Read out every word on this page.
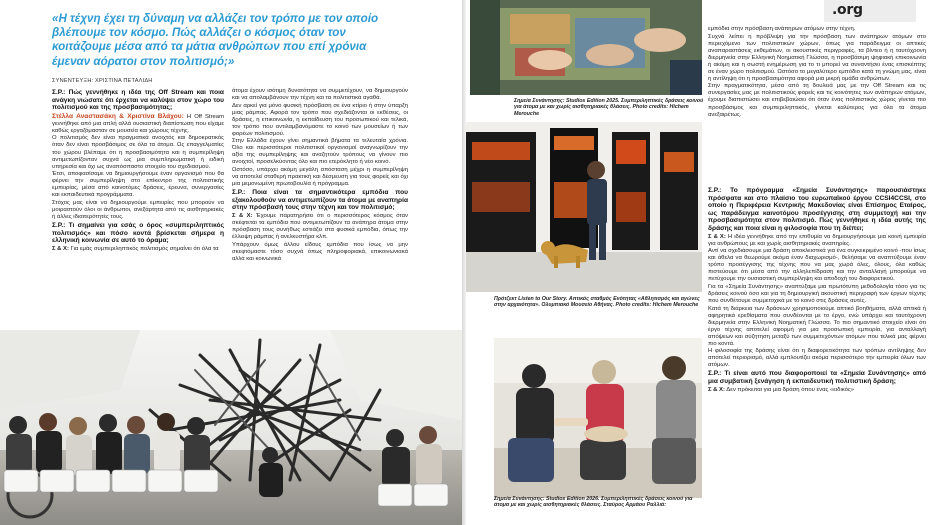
«Η τέχνη έχει τη δύναμη να αλλάζει τον τρόπο με τον οποίο βλέπουμε τον κόσμο. Πώς αλλάζει ο κόσμος όταν τον κοιτάζουμε μέσα από τα μάτια ανθρώπων που επί χρόνια έμεναν αόρατοι στον πολιτισμό;»
ΣΥΝΕΝΤΕΥΞΗ: ΧΡΙΣΤΙΝΑ ΠΕΤΑΛΙΔΗ

Σ.Ρ.: Πώς γεννήθηκε η ιδέα της Off Stream και ποια ανάγκη νιώσατε ότι έρχεται να καλύψει στον χώρο του πολιτισμού και της προσβασιμότητας;

Στέλλα Αναστασάκη & Χριστίνα Βλάχου: Η Off Stream γεννήθηκε από μια απλή αλλά ουσιαστική διαπίστωση που είχαμε καθώς εργαζόμασταν σε μουσεία και χώρους τέχνης.

Ο πολιτισμός δεν είναι πραγματικά ανοιχτός και δημοκρατικός όταν δεν είναι προσβάσιμος σε όλα τα άτομα. Ως επαγγελματίες του χώρου βλέπαμε ότι η προσβασιμότητα και η συμπερίληψη αντιμετωπίζονταν συχνά ως μια συμπληρωματική ή ειδική υπηρεσία και όχι ως αναπόσπαστο στοιχείο του σχεδιασμού.

Έτσι, αποφασίσαμε να δημιουργήσουμε έναν οργανισμό που θα φέρνει την συμπερίληψη στο επίκεντρο της πολιτιστικής εμπειρίας, μέσα από καινοτόμες δράσεις, έρευνα, συνεργασίες και εκπαιδευτικά προγράμματα.

Στόχος μας είναι να δημιουργούμε εμπειρίες που μπορούν να μοιραστούν όλοι οι άνθρωποι, ανεξάρτητα από τις αισθητηριακές ή άλλες ιδιαιτερότητές τους.

Σ.Ρ.: Τι σημαίνει για εσάς ο όρος «συμπεριληπτικός πολιτισμός» και πόσο κοντά βρίσκεται σήμερα η ελληνική κοινωνία σε αυτό το όραμα;

Σ & Χ: Για εμάς συμπεριληπτικός πολιτισμός σημαίνει ότι όλα τα

άτομα έχουν ισότιμη δυνατότητα να συμμετέχουν, να δημιουργούν και να απολαμβάνουν την τέχνη και τα πολιτιστικά αγαθά.

Δεν αρκεί για μόνο φυσική πρόσβαση σε ένα κτίριο ή στην ύπαρξη μιας ράμπας. Αφορά τον τρόπο που σχεδιάζονται οι εκθέσεις, οι δράσεις, η επικοινωνία, η εκπαίδευση του προσωπικού και τελικά, τον τρόπο που αντιλαμβανόμαστε το κοινό των μουσείων ή των φορέων πολιτισμού.

Στην Ελλάδα έχουν γίνει σημαντικά βήματα τα τελευταία χρόνια. Όλο και περισσότεροι πολιτιστικοί οργανισμοί αναγνωρίζουν την αξία της συμπερίληψης και αναζητούν τρόπους να γίνουν πιο ανοιχτοί, προσελκύοντας όλο και πιο ετερόκλητο ή νέο κοινό.

Ωστόσο, υπάρχει ακόμη μεγάλη απόσταση μέχρι η συμπερίληψη να αποτελεί σταθερή πρακτική και δέσμευση για τους φορείς και όχι μια μεμονωμένη πρωτοβουλία ή πρόγραμμα.

Σ.Ρ.: Ποια είναι τα σημαντικότερα εμπόδια που εξακολουθούν να αντιμετωπίζουν τα άτομα με αναπηρία στην πρόσβασή τους στην τέχνη και τον πολιτισμό;

Σ & Χ: Έχουμε παρατηρήσει ότι ο περισσότερος κόσμος όταν σκέφτεται τα εμπόδια που αντιμετωπίζουν τα ανάπηρα άτομα στην πρόσβαση τους συνήθως εστιάζει στα φυσικά εμπόδια, όπως την έλλειψη ράμπας ή ανελκυστήρα κλπ.

Υπάρχουν όμως άλλου είδους εμπόδια που ίσως να μην σκεφτόμαστε τόσο συχνά όπως πληροφοριακά, επικοινωνιακά αλλά και κοινωνικά

Σημεία Συνάντησης: Studios Edition 2025. Συμπεριληπτικές δράσεις κοινού για άτομα με και χωρίς αισθητηριακές θλάσεις. Photo credits: Hichem Merouche
Πρότζεκτ Listen to Our Story. Απτικός σταθμός Ενότητας «Αθλητισμός και αγώνες στην αρχαιότητα». Ολυμπιακό Μουσείο Αθήνας. Photo credits: Hichem Merouche
Σημεία Συνάντησης: Studios Edition 2026. Συμπεριληπτικές δράσεις κοινού για άτομα με και χωρίς αισθητηριακές θλάσεις. Σταύρος Αρμάου Ραλλιά:
.org

εμπόδια στην πρόσβαση ανάπηρων ατόμων στην τέχνη.

Συχνά λείπει η πρόβλεψη για την πρόσβαση των ανάπηρων ατόμων στο περιεχόμενο των πολιτιστικών χώρων, όπως για παράδειγμα οι απτικές αναπαραστάσεις εκθεμάτων, οι ακουστικές περιγραφές, τα βίντεο ή η ταυτόχρονη διερμηνεία στην Ελληνική Νοηματική Γλώσσα, η προσβάσιμη ψηφιακή επικοινωνία ή ακόμη και η σωστή ενημέρωση για το τι μπορεί να συναντήσει ένας επισκέπτης σε έναν χώρο πολιτισμού. Ωστόσο το μεγαλύτερο εμπόδιο κατά τη γνώμη μας, είναι η αντίληψη ότι η προσβασιμότητα αφορά μια μικρή ομάδα ανθρώπων.

Στην πραγματικότητα, μέσα από τη δουλειά μας με την Off Stream και τις συνεργασίες μας με πολιτιστικούς φορείς και τις κοινότητες των ανάπηρων ατόμων, έχουμε διαπιστώσει και επιβεβαιώσει ότι όταν ένας πολιτιστικός χώρος γίνεται πιο προσβάσιμος και συμπεριληπτικός, γίνεται καλύτερος για όλα τα άτομα ανεξαιρέτως.

Σ.Ρ.: Το πρόγραμμα «Σημεία Συνάντησης» παρουσιάστηκε πρόσφατα και στο πλαίσιο του ευρωπαϊκού έργου CCSI4CCSI, στο οποίο η Περιφέρεια Κεντρικής Μακεδονίας είναι Επίσημος Εταίρος, ως παράδειγμα καινοτόμου προσέγγισης στη συμμετοχή και την προσβασιμότητα στον πολιτισμό. Πώς γεννήθηκε η ιδέα αυτής της δράσης και ποια είναι η φιλοσοφία που τη διέπει;

Σ & Χ: Η ιδέα γεννήθηκε από την επιθυμία να δημιουργήσουμε μια κοινή εμπειρία για ανθρώπους με και χωρίς αισθητηριακές αναπηρίες.

Αντί να σχεδιάσουμε μια δράση αποκλειστικά για ένα συγκεκριμένο κοινό -που ίσως και άθελα να θεωρούμε ακόμα έναν διαχωρισμό-, θελήσαμε να αναπτύξουμε έναν τρόπο προσέγγισης της τέχνης που να μας χωρά όλες, όλους, όλα καθώς πιστεύουμε ότι μέσα από την αλληλεπίδραση και την ανταλλαγή μπορούμε να πετύχουμε την ουσιαστική συμπερίληψη και αποδοχή του διαφορετικού.

Για τα «Σημεία Συνάντησης» αναπτύξαμε μια πρωτότυπη μεθοδολογία τόσο για τις δράσεις κοινού όσο και για τη δημιουργική ακουστική περιγραφή των έργων τέχνης που συνθέτουμε συμμετοχικά με το κοινό στις δράσεις αυτές.

Κατά τη διάρκεια των δράσεων χρησιμοποιούμε απτικό βοηθήματα, αλλά απτικά ή αφηρητικά ερεθίσματα που συνδέονται με το έργο, ενώ υπάρχει και ταυτόχρονη διερμηνεία στην Ελληνική Νοηματική Γλώσσα. Το πιο σημαντικό στοιχείο είναι ότι έργο τέχνης αποτελεί αφορμή για μια προσωπική εμπειρία, για ανταλλαγή απόψεων και σύζητηση μεταξύ των συμμετεχόντων ατόμων που τελικά μας φέρνει πιο κοντά.

Η φιλοσοφία της δράσης είναι ότι η διαφορετικότητα των τρόπων αντίληψης δεν αποτελεί περιορισμό, αλλά εμπλουτίζει ακόμα περισσότερο την εμπειρία όλων των ατόμων.

Σ.Ρ.: Τι είναι αυτό που διαφοροποιεί τα «Σημεία Συνάντησης» από μια συμβατική ξενάγηση ή εκπαιδευτική πολιτιστική δράση;

Σ & Χ: Δεν πρόκειται για μια δράση όπου ένας «ειδικός»
